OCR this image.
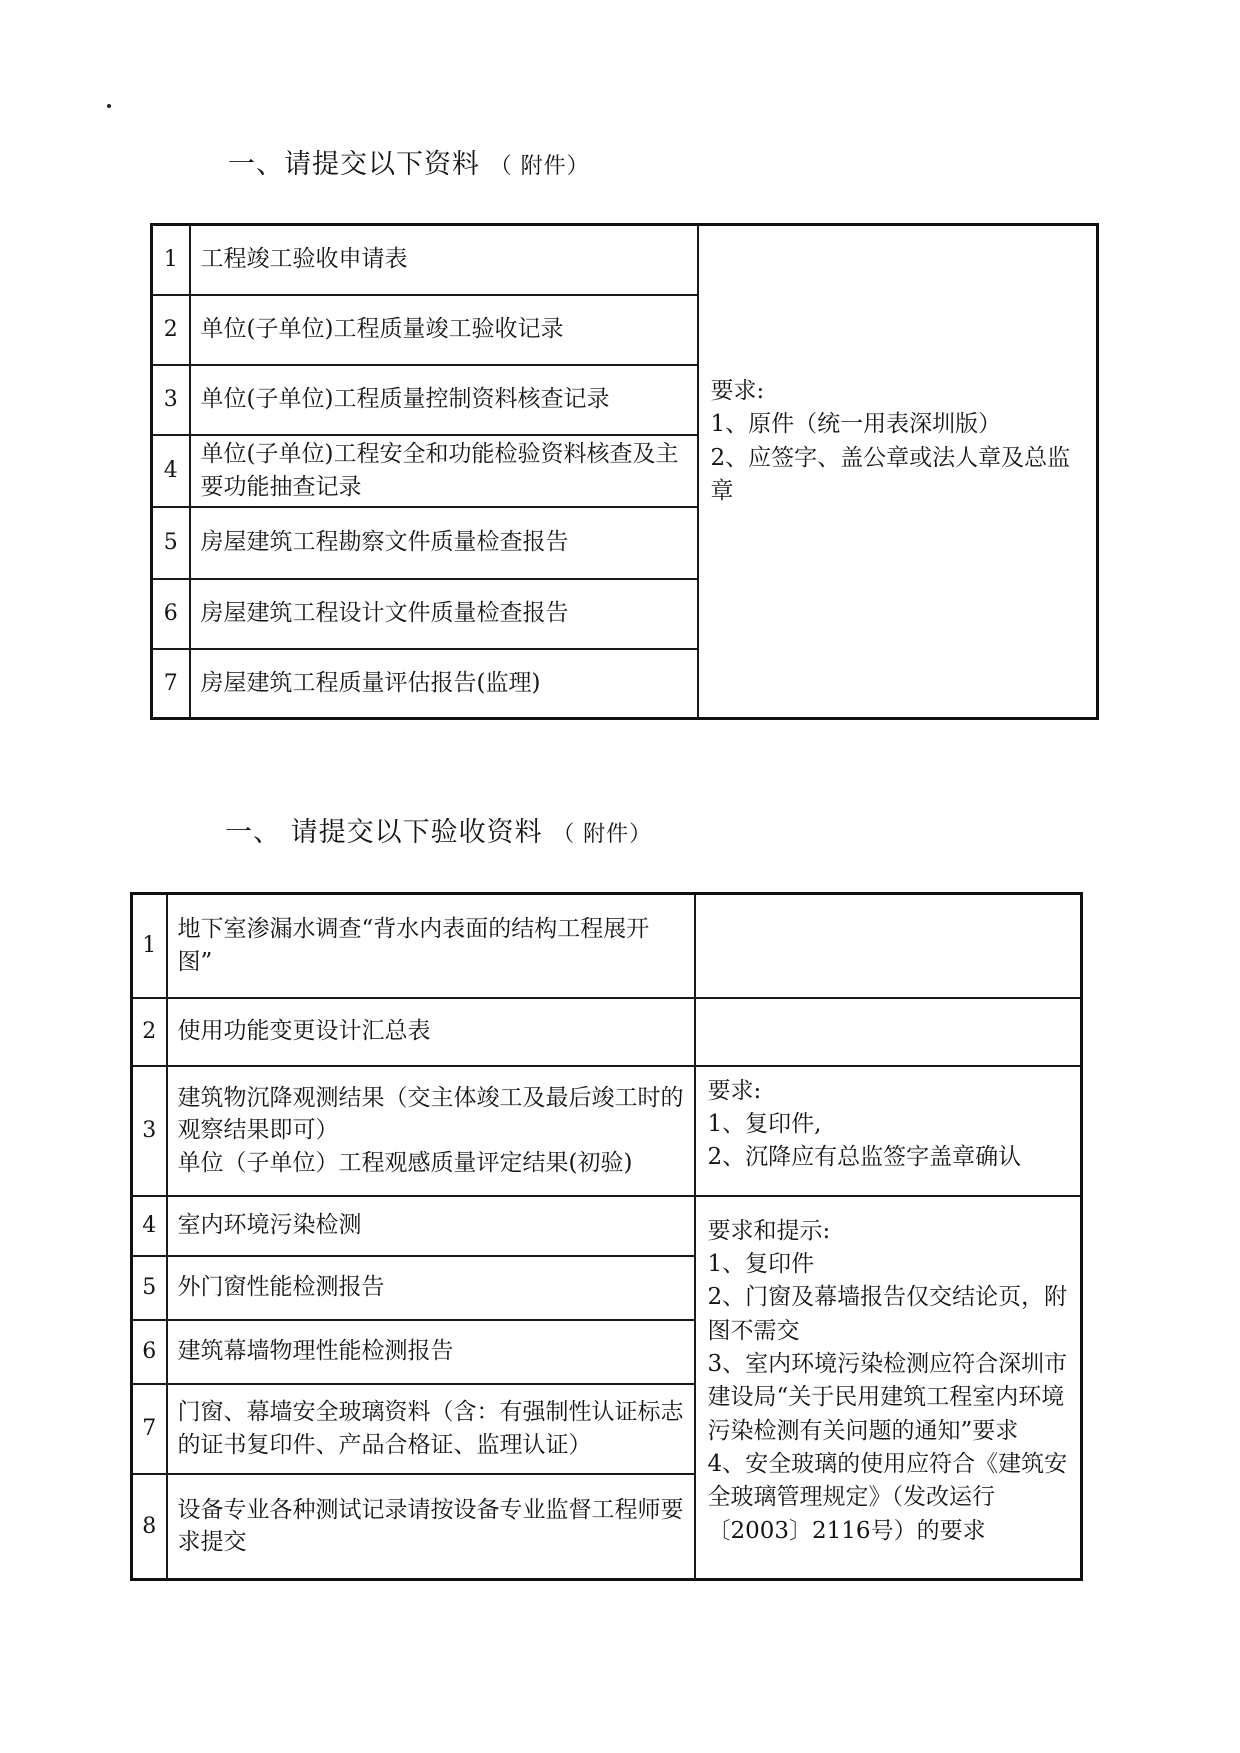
一、请提交以下资料 （ 附件）
1	工程竣工验收申请表	要求:
1、原件（统一用表深圳版）
2、应签字、盖公章或法人章及总监
章

2	单位(子单位)工程质量竣工验收记录	
3	单位(子单位)工程质量控制资料核查记录	
4	单位(子单位)工程安全和功能检验资料核查及主要功能抽查记录	
5	房屋建筑工程勘察文件质量检查报告	
6	房屋建筑工程设计文件质量检查报告	
7	房屋建筑工程质量评估报告(监理)	
一、 请提交以下验收资料 （ 附件）
1	地下室渗漏水调查“背水内表面的结构工程展开图”	
2	使用功能变更设计汇总表	
3	建筑物沉降观测结果（交主体竣工及最后竣工时的观察结果即可）
单位（子单位）工程观感质量评定结果(初验)	要求:
1、复印件,
2、沉降应有总监签字盖章确认

4	室内环境污染检测	要求和提示:
1、复印件
2、门窗及幕墙报告仅交结论页，附图不需交
3、室内环境污染检测应符合深圳市建设局“关于民用建筑工程室内环境污染检测有关问题的通知”要求
4、安全玻璃的使用应符合《建筑安全玻璃管理规定》（发改运行〔2003〕2116号）的要求

5	外门窗性能检测报告	
6	建筑幕墙物理性能检测报告	
7	门窗、幕墙安全玻璃资料（含：有强制性认证标志的证书复印件、产品合格证、监理认证）	
8	设备专业各种测试记录请按设备专业监督工程师要求提交	
